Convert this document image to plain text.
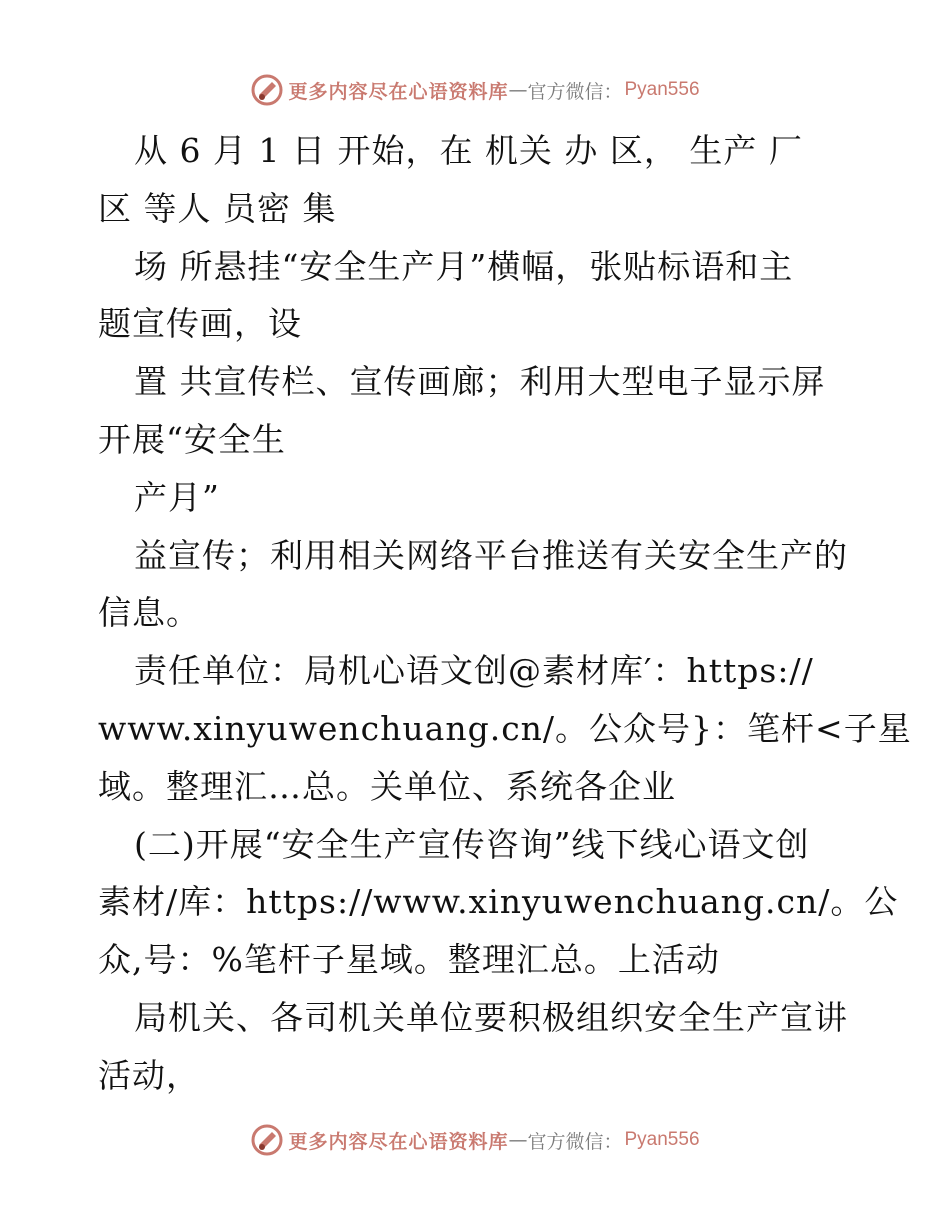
更多内容尽在心语资料库 — 官方微信： Pyan556
从 6 月 1 日 开始，在 机关 办 区， 生产 厂
区 等人 员密 集
场 所悬挂“安全生产月”横幅，张贴标语和主
题宣传画，设
置 共宣传栏、宣传画廊；利用大型电子显示屏
开展“安全生
产月”
益宣传；利用相关网络平台推送有关安全生产的
信息。
责任单位：局机心语文创@素材库′：https://
www.xinyuwenchuang.cn/。公众号}：笔杆<子星
域。整理汇…总。关单位、系统各企业
(二)开展“安全生产宣传咨询”线下线心语文创
素材/库：https://www.xinyuwenchuang.cn/。公
众,号：%笔杆子星域。整理汇总。上活动
局机关、各司机关单位要积极组织安全生产宣讲
活动，
更多内容尽在心语资料库 — 官方微信： Pyan556
